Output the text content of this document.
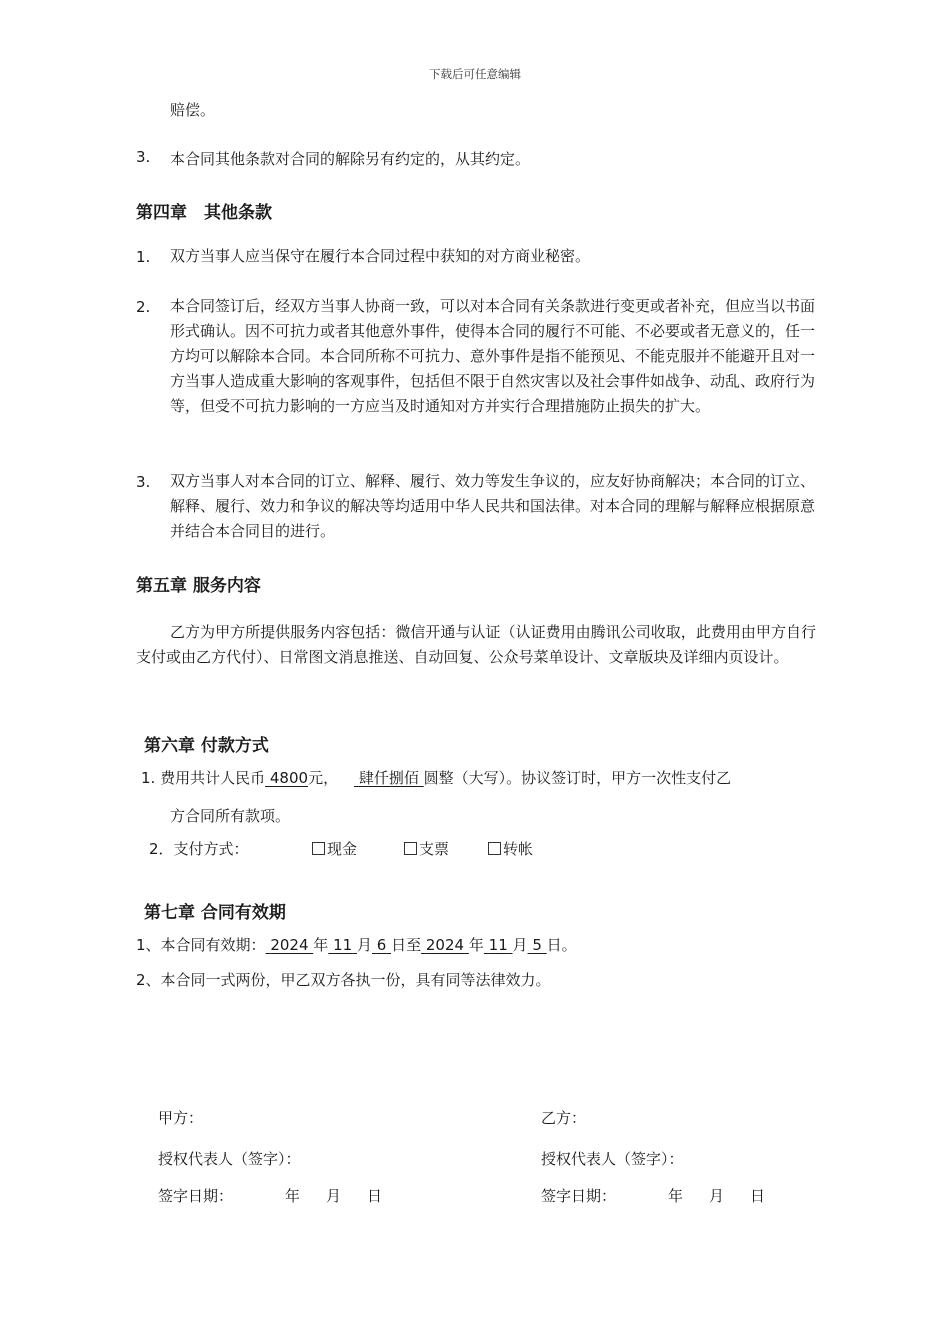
下载后可任意编辑
赔偿。
3. 本合同其他条款对合同的解除另有约定的，从其约定。
第四章　其他条款
1. 双方当事人应当保守在履行本合同过程中获知的对方商业秘密。
2. 本合同签订后，经双方当事人协商一致，可以对本合同有关条款进行变更或者补充，但应当以书面形式确认。因不可抗力或者其他意外事件，使得本合同的履行不可能、不必要或者无意义的，任一方均可以解除本合同。本合同所称不可抗力、意外事件是指不能预见、不能克服并不能避开且对一方当事人造成重大影响的客观事件，包括但不限于自然灾害以及社会事件如战争、动乱、政府行为等，但受不可抗力影响的一方应当及时通知对方并实行合理措施防止损失的扩大。
3. 双方当事人对本合同的订立、解释、履行、效力等发生争议的，应友好协商解决；本合同的订立、解释、履行、效力和争议的解决等均适用中华人民共和国法律。对本合同的理解与解释应根据原意并结合本合同目的进行。
第五章 服务内容
乙方为甲方所提供服务内容包括：微信开通与认证（认证费用由腾讯公司收取，此费用由甲方自行支付或由乙方代付）、日常图文消息推送、自动回复、公众号菜单设计、文章版块及详细内页设计。
第六章 付款方式
1. 费用共计人民币 4800元， 肆仟捌佰 圆整（大写）。协议签订时，甲方一次性支付乙
方合同所有款项。
2．支付方式：	现金	支票	转帐
第七章 合同有效期
1、本合同有效期： 2024 年 11 月 6 日至 2024 年 11 月 5 日。
2、本合同一式两份，甲乙双方各执一份，具有同等法律效力。
甲方：	乙方：
授权代表人（签字）：	授权代表人（签字）：
签字日期：	年 月 日	签字日期：	年 月 日
